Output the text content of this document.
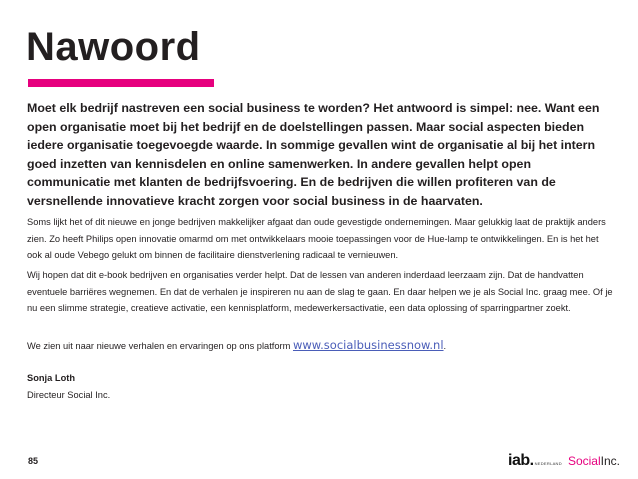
Nawoord

Moet elk bedrijf nastreven een social business te worden? Het antwoord is simpel: nee. Want een open organisatie moet bij het bedrijf en de doelstellingen passen. Maar social aspecten bieden iedere organisatie toegevoegde waarde. In sommige gevallen wint de organisatie al bij het intern goed inzetten van kennisdelen en online samenwerken. In andere gevallen helpt open communicatie met klanten de bedrijfsvoering. En de bedrijven die willen profiteren van de versnellende innovatieve kracht zorgen voor social business in de haarvaten.

Soms lijkt het of dit nieuwe en jonge bedrijven makkelijker afgaat dan oude gevestigde ondernemingen. Maar gelukkig laat de praktijk anders zien. Zo heeft Philips open innovatie omarmd om met ontwikkelaars mooie toepassingen voor de Hue-lamp te ontwikkelingen. En is het het ook al oude Vebego gelukt om binnen de facilitaire dienstverlening radicaal te vernieuwen.

Wij hopen dat dit e-book bedrijven en organisaties verder helpt. Dat de lessen van anderen inderdaad leerzaam zijn. Dat de handvatten eventuele barriëres wegnemen. En dat de verhalen je inspireren nu aan de slag te gaan. En daar helpen we je als Social Inc. graag mee. Of je nu een slimme strategie, creatieve activatie, een kennisplatform, medewerkersactivatie, een data oplossing of sparringpartner zoekt.

We zien uit naar nieuwe verhalen en ervaringen op ons platform www.socialbusinessnow.nl.

Sonja Loth
Directeur Social Inc.

85	iab. NEDERLAND Social Inc.
